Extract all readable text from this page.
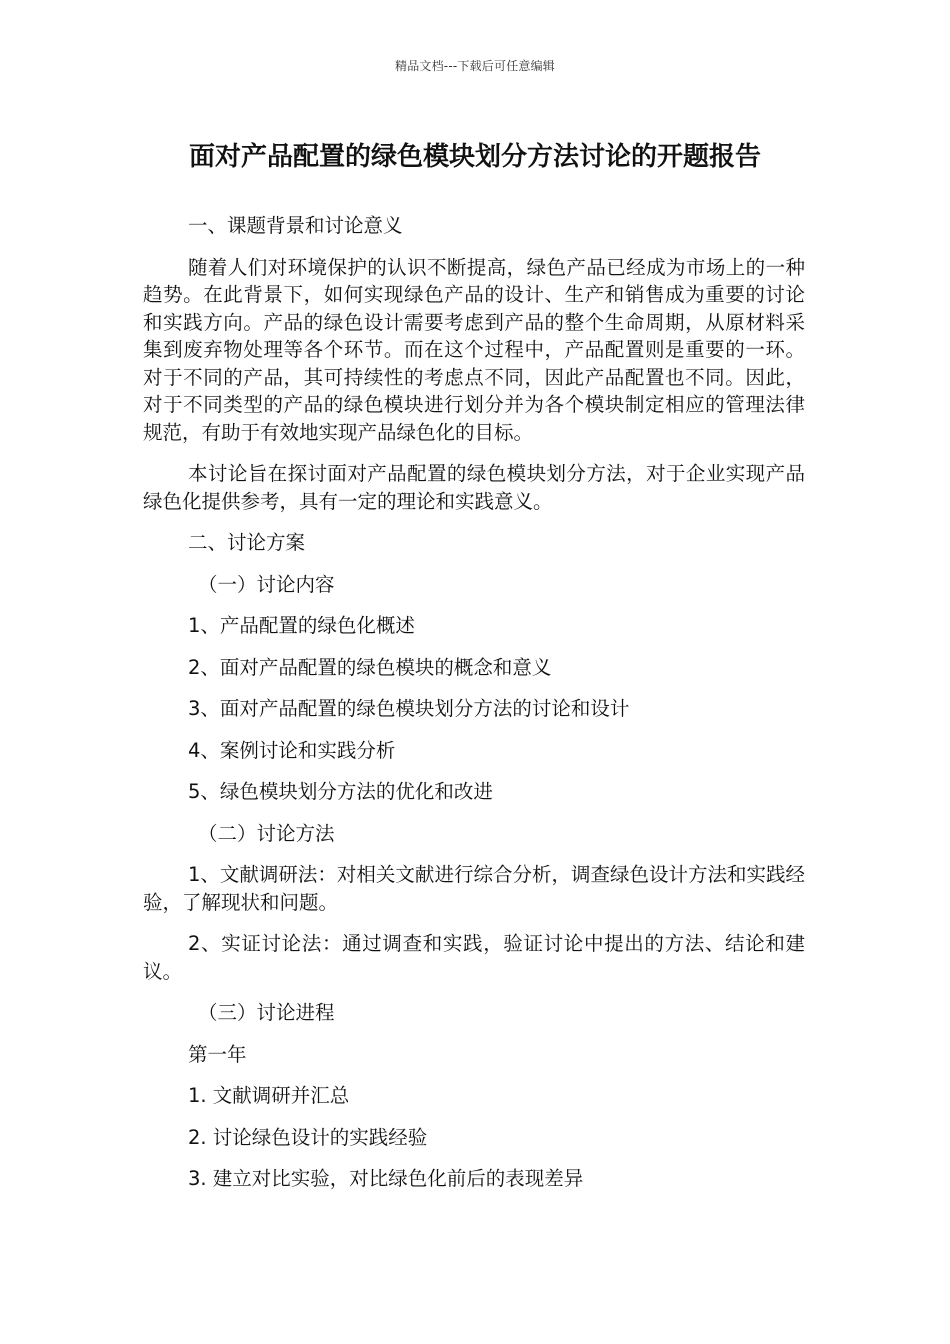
精品文档---下载后可任意编辑
面对产品配置的绿色模块划分方法讨论的开题报告

一、课题背景和讨论意义

随着人们对环境保护的认识不断提高，绿色产品已经成为市场上的一种趋势。在此背景下，如何实现绿色产品的设计、生产和销售成为重要的讨论和实践方向。产品的绿色设计需要考虑到产品的整个生命周期，从原材料采集到废弃物处理等各个环节。而在这个过程中，产品配置则是重要的一环。对于不同的产品，其可持续性的考虑点不同，因此产品配置也不同。因此，对于不同类型的产品的绿色模块进行划分并为各个模块制定相应的管理法律规范，有助于有效地实现产品绿色化的目标。

本讨论旨在探讨面对产品配置的绿色模块划分方法，对于企业实现产品绿色化提供参考，具有一定的理论和实践意义。

二、讨论方案

（一）讨论内容

1、产品配置的绿色化概述

2、面对产品配置的绿色模块的概念和意义

3、面对产品配置的绿色模块划分方法的讨论和设计

4、案例讨论和实践分析

5、绿色模块划分方法的优化和改进

（二）讨论方法

1、文献调研法：对相关文献进行综合分析，调查绿色设计方法和实践经验，了解现状和问题。

2、实证讨论法：通过调查和实践，验证讨论中提出的方法、结论和建议。

（三）讨论进程

第一年

1. 文献调研并汇总

2. 讨论绿色设计的实践经验

3. 建立对比实验，对比绿色化前后的表现差异
